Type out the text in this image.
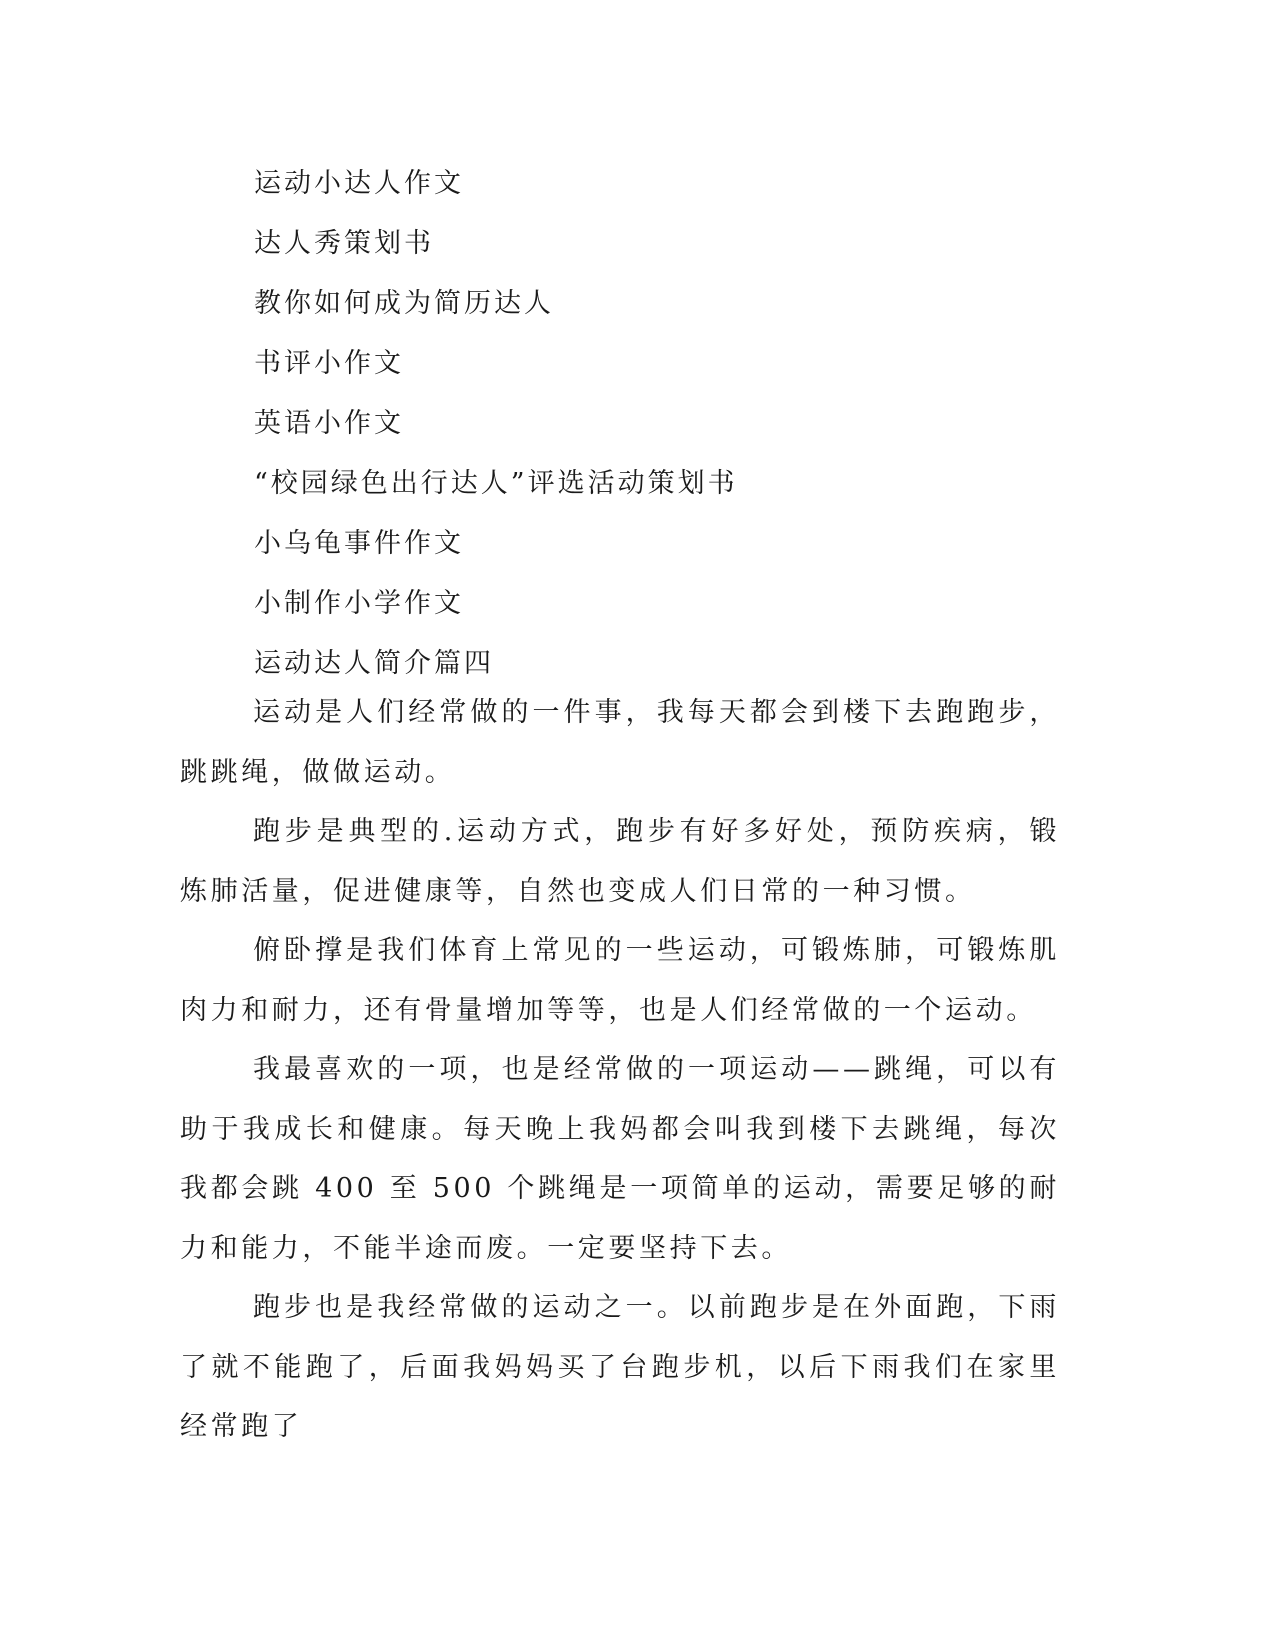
运动小达人作文
达人秀策划书
教你如何成为简历达人
书评小作文
英语小作文
“校园绿色出行达人”评选活动策划书
小乌龟事件作文
小制作小学作文
运动达人简介篇四

运动是人们经常做的一件事，我每天都会到楼下去跑跑步，跳跳绳，做做运动。

跑步是典型的.运动方式，跑步有好多好处，预防疾病，锻炼肺活量，促进健康等，自然也变成人们日常的一种习惯。

俯卧撑是我们体育上常见的一些运动，可锻炼肺，可锻炼肌肉力和耐力，还有骨量增加等等，也是人们经常做的一个运动。

我最喜欢的一项，也是经常做的一项运动——跳绳，可以有助于我成长和健康。每天晚上我妈都会叫我到楼下去跳绳，每次我都会跳 400 至 500 个跳绳是一项简单的运动，需要足够的耐力和能力，不能半途而废。一定要坚持下去。

跑步也是我经常做的运动之一。以前跑步是在外面跑，下雨了就不能跑了，后面我妈妈买了台跑步机，以后下雨我们在家里经常跑了
